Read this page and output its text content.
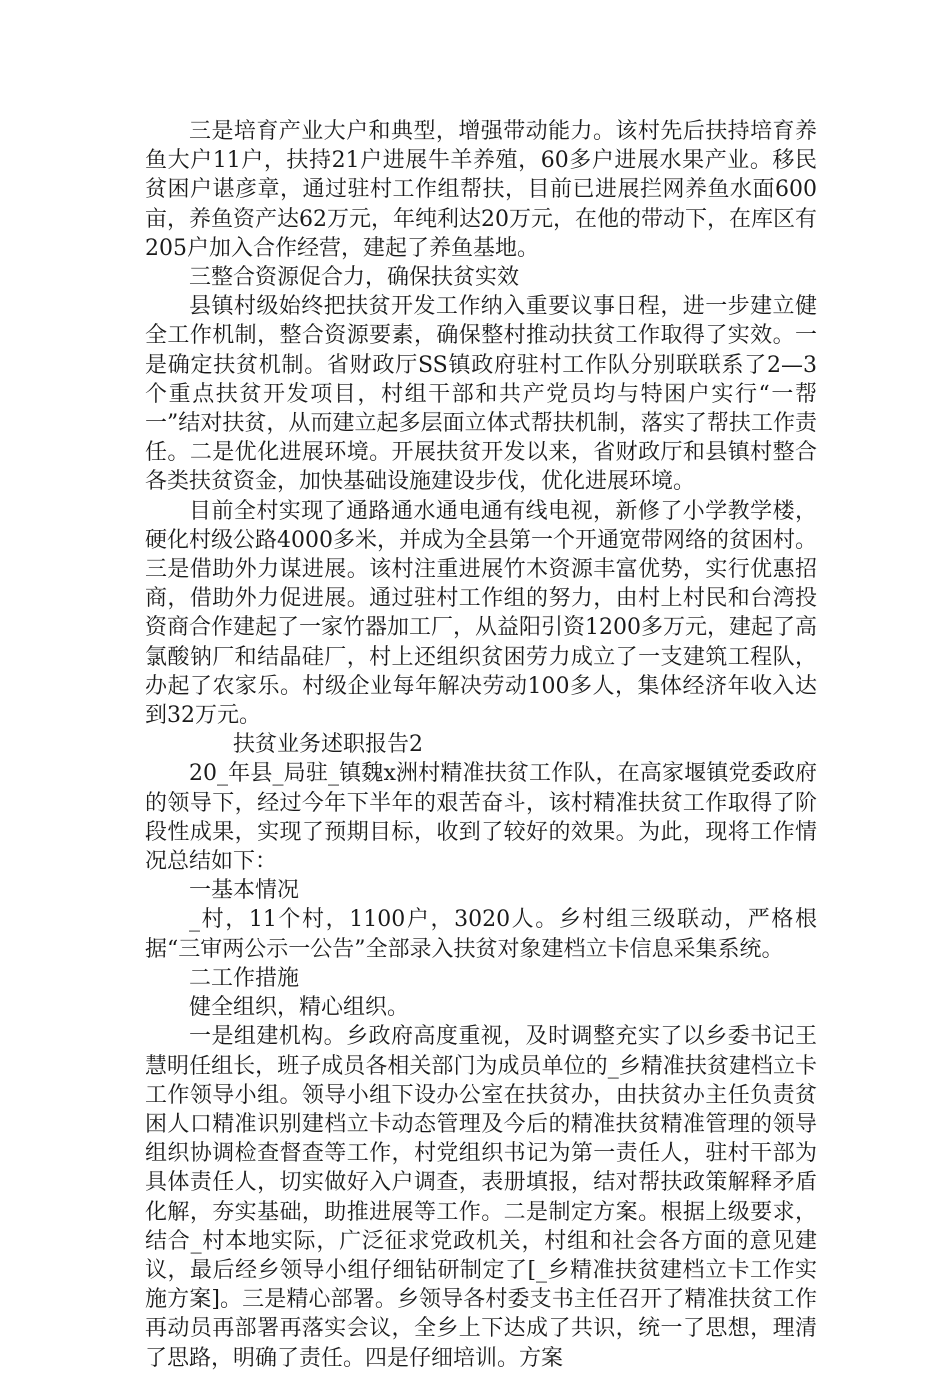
三是培育产业大户和典型，增强带动能力。该村先后扶持培育养鱼大户11户，扶持21户进展牛羊养殖，60多户进展水果产业。移民贫困户谌彦章，通过驻村工作组帮扶，目前已进展拦网养鱼水面600亩，养鱼资产达62万元，年纯利达20万元，在他的带动下，在库区有205户加入合作经营，建起了养鱼基地。

三整合资源促合力，确保扶贫实效

县镇村级始终把扶贫开发工作纳入重要议事日程，进一步建立健全工作机制，整合资源要素，确保整村推动扶贫工作取得了实效。一是确定扶贫机制。省财政厅SS镇政府驻村工作队分别联联系了2—3个重点扶贫开发项目，村组干部和共产党员均与特困户实行“一帮一”结对扶贫，从而建立起多层面立体式帮扶机制，落实了帮扶工作责任。二是优化进展环境。开展扶贫开发以来，省财政厅和县镇村整合各类扶贫资金，加快基础设施建设步伐，优化进展环境。

目前全村实现了通路通水通电通有线电视，新修了小学教学楼，硬化村级公路4000多米，并成为全县第一个开通宽带网络的贫困村。三是借助外力谋进展。该村注重进展竹木资源丰富优势，实行优惠招商，借助外力促进展。通过驻村工作组的努力，由村上村民和台湾投资商合作建起了一家竹器加工厂，从益阳引资1200多万元，建起了高氯酸钠厂和结晶硅厂，村上还组织贫困劳力成立了一支建筑工程队，办起了农家乐。村级企业每年解决劳动100多人，集体经济年收入达到32万元。

扶贫业务述职报告2

20_年县_局驻_镇魏x洲村精准扶贫工作队，在高家堰镇党委政府的领导下，经过今年下半年的艰苦奋斗，该村精准扶贫工作取得了阶段性成果，实现了预期目标，收到了较好的效果。为此，现将工作情况总结如下：

一基本情况

_村，11个村，1100户，3020人。乡村组三级联动，严格根据“三审两公示一公告”全部录入扶贫对象建档立卡信息采集系统。

二工作措施

健全组织，精心组织。

一是组建机构。乡政府高度重视，及时调整充实了以乡委书记王慧明任组长，班子成员各相关部门为成员单位的_乡精准扶贫建档立卡工作领导小组。领导小组下设办公室在扶贫办，由扶贫办主任负责贫困人口精准识别建档立卡动态管理及今后的精准扶贫精准管理的领导组织协调检查督查等工作，村党组织书记为第一责任人，驻村干部为具体责任人，切实做好入户调查，表册填报，结对帮扶政策解释矛盾化解，夯实基础，助推进展等工作。二是制定方案。根据上级要求，结合_村本地实际，广泛征求党政机关，村组和社会各方面的意见建议，最后经乡领导小组仔细钻研制定了[_乡精准扶贫建档立卡工作实施方案]。三是精心部署。乡领导各村委支书主任召开了精准扶贫工作再动员再部署再落实会议，全乡上下达成了共识，统一了思想，理清了思路，明确了责任。四是仔细培训。方案
